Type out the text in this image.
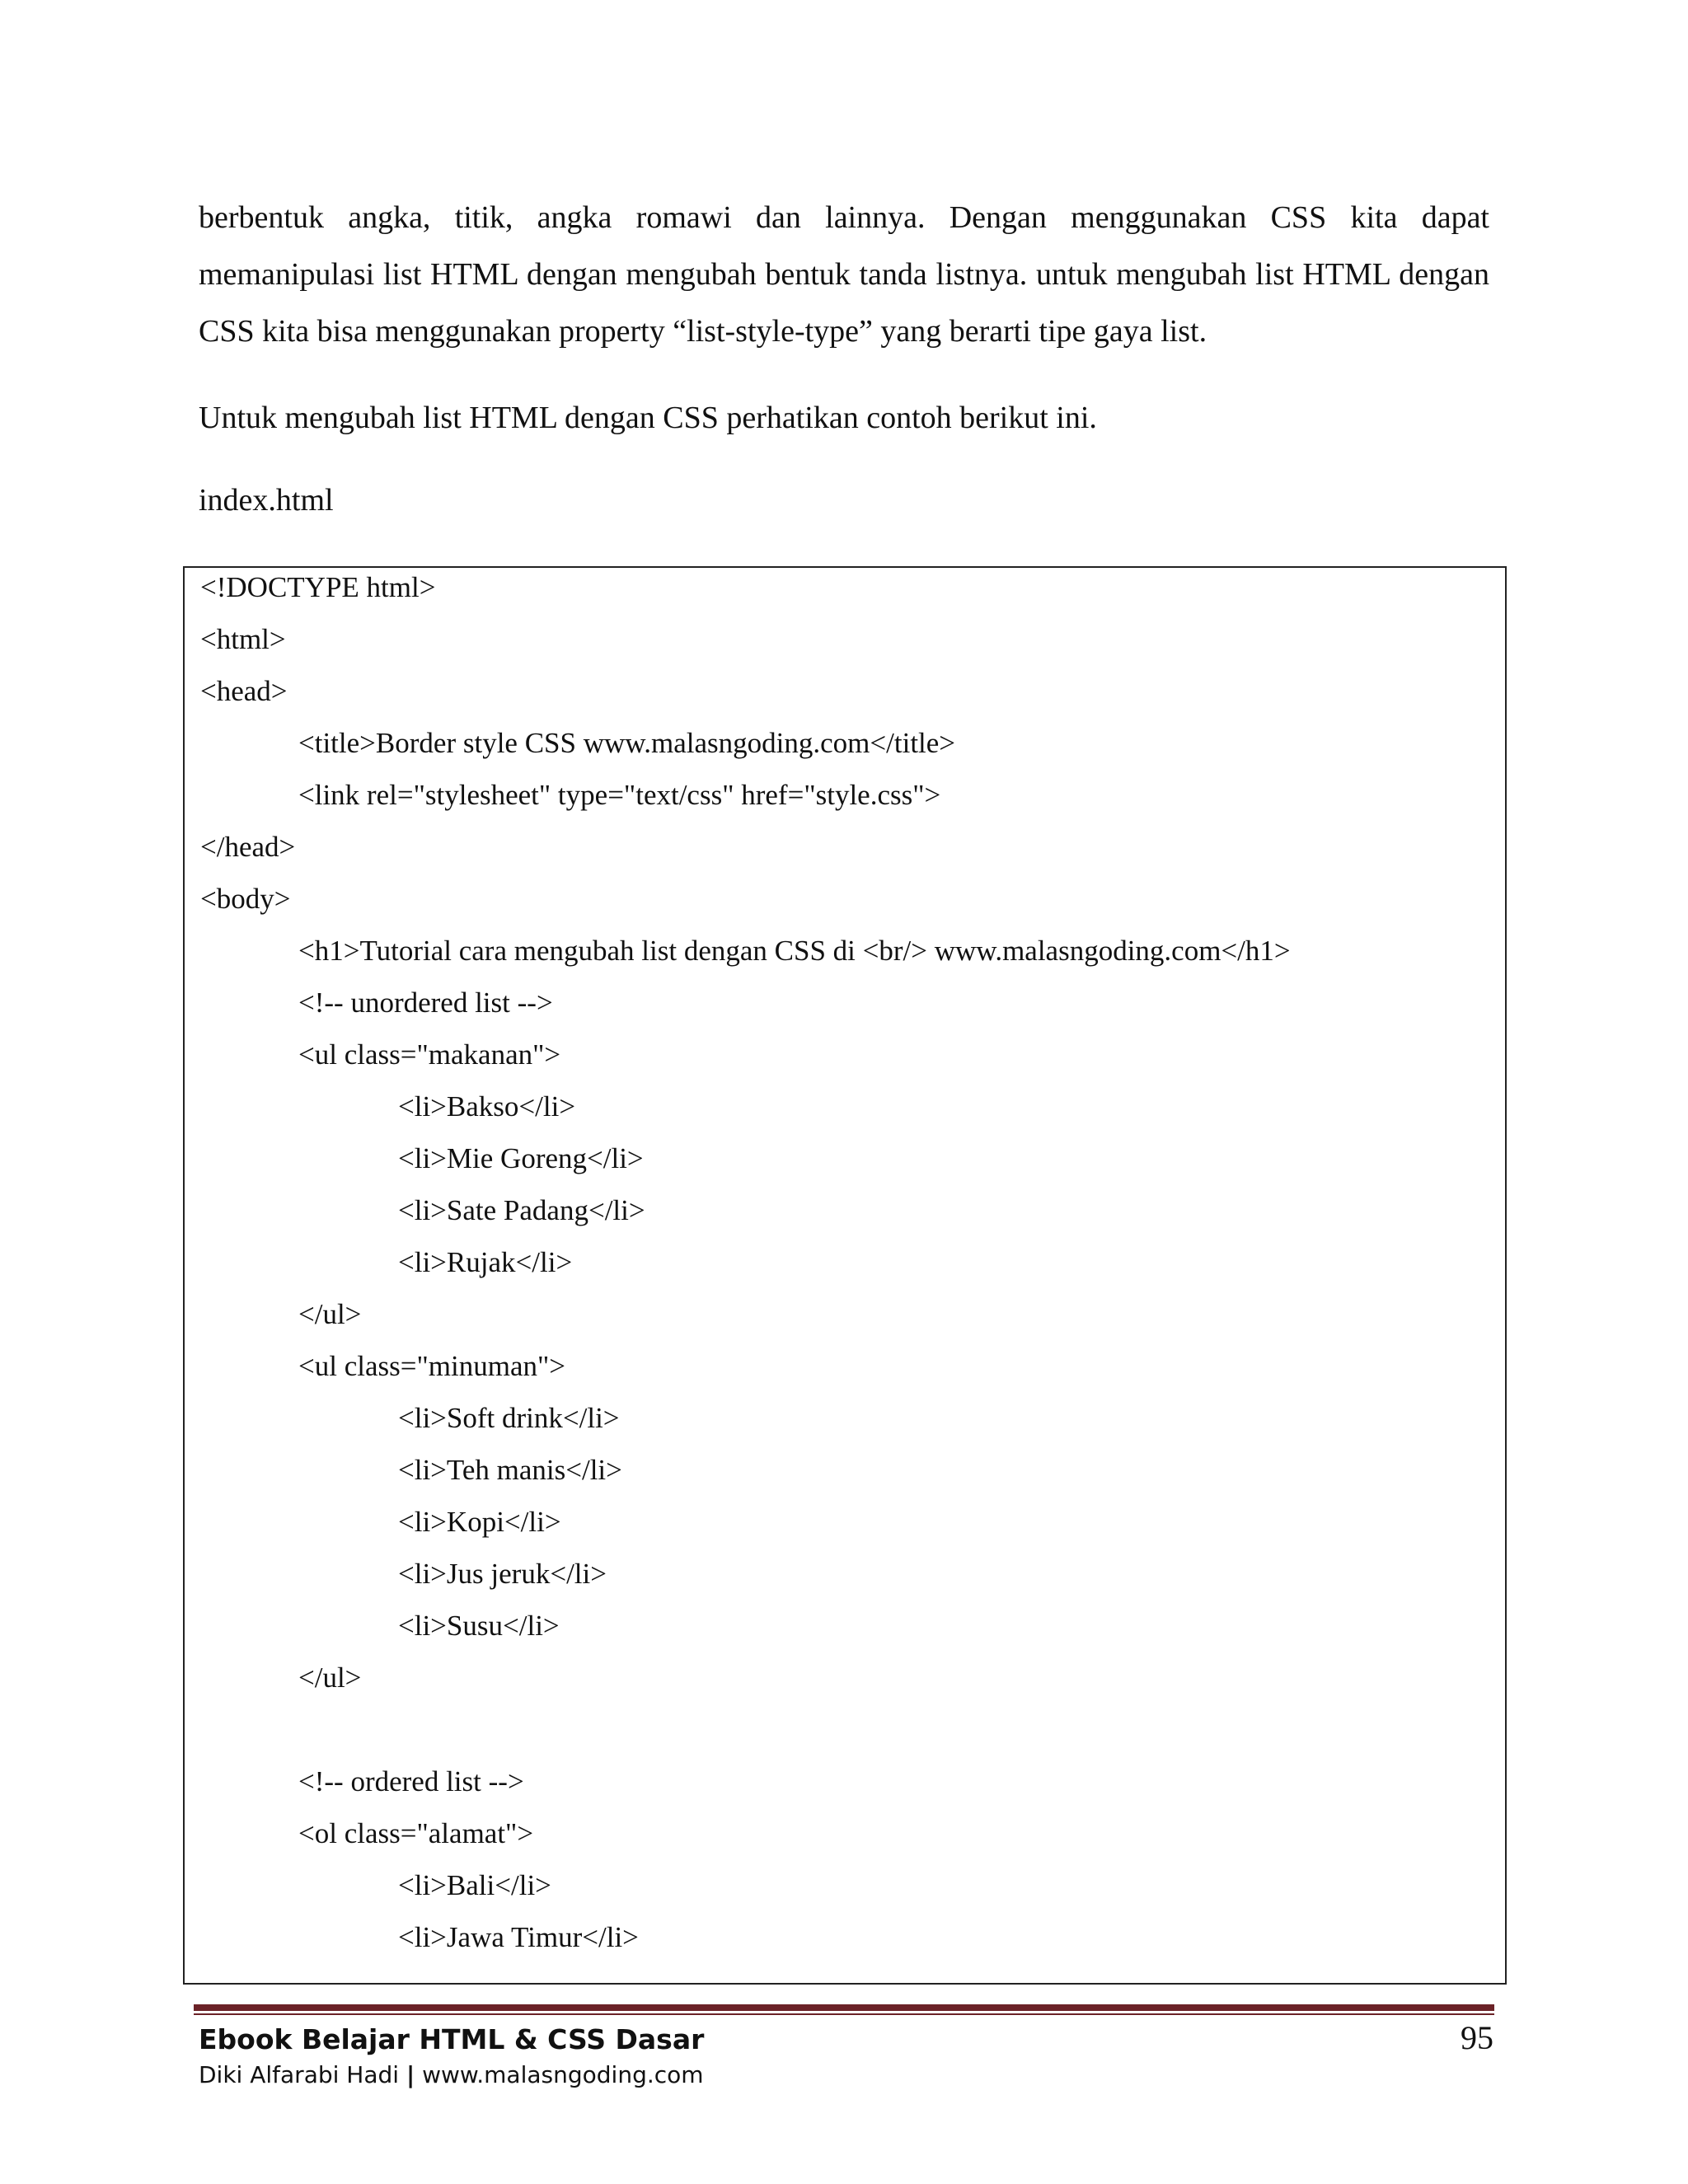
berbentuk angka, titik, angka romawi dan lainnya. Dengan menggunakan CSS kita dapat memanipulasi list HTML dengan mengubah bentuk tanda listnya. untuk mengubah list HTML dengan CSS kita bisa menggunakan property “list-style-type” yang berarti tipe gaya list.

Untuk mengubah list HTML dengan CSS perhatikan contoh berikut ini.

index.html

<!DOCTYPE html>

<html>

<head>

<title>Border style CSS www.malasngoding.com</title>

<link rel="stylesheet" type="text/css" href="style.css">

</head>

<body>

<h1>Tutorial cara mengubah list dengan CSS di <br/> www.malasngoding.com</h1>

<!-- unordered list -->

<ul class="makanan">

<li>Bakso</li>

<li>Mie Goreng</li>

<li>Sate Padang</li>

<li>Rujak</li>

</ul>

<ul class="minuman">

<li>Soft drink</li>

<li>Teh manis</li>

<li>Kopi</li>

<li>Jus jeruk</li>

<li>Susu</li>

</ul>

<!-- ordered list -->

<ol class="alamat">

<li>Bali</li>

<li>Jawa Timur</li>

Ebook Belajar HTML & CSS Dasar

Diki Alfarabi Hadi | www.malasngoding.com

95
